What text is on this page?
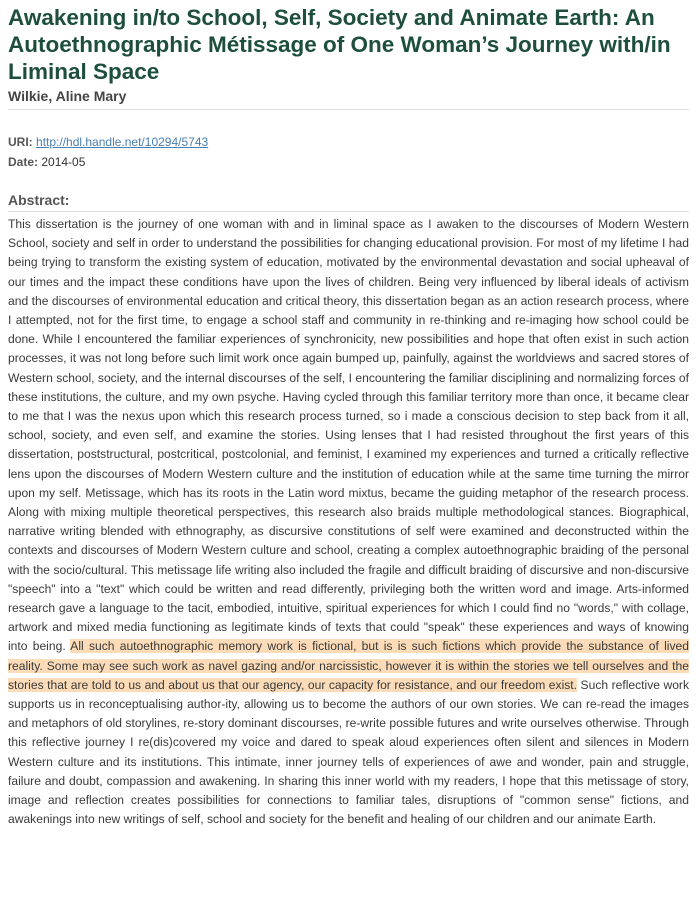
Awakening in/to School, Self, Society and Animate Earth: An Autoethnographic Métissage of One Woman’s Journey with/in Liminal Space
Wilkie, Aline Mary
URI: http://hdl.handle.net/10294/5743
Date: 2014-05
Abstract:
This dissertation is the journey of one woman with and in liminal space as I awaken to the discourses of Modern Western School, society and self in order to understand the possibilities for changing educational provision. For most of my lifetime I had being trying to transform the existing system of education, motivated by the environmental devastation and social upheaval of our times and the impact these conditions have upon the lives of children. Being very influenced by liberal ideals of activism and the discourses of environmental education and critical theory, this dissertation began as an action research process, where I attempted, not for the first time, to engage a school staff and community in re-thinking and re-imaging how school could be done. While I encountered the familiar experiences of synchronicity, new possibilities and hope that often exist in such action processes, it was not long before such limit work once again bumped up, painfully, against the worldviews and sacred stores of Western school, society, and the internal discourses of the self, I encountering the familiar disciplining and normalizing forces of these institutions, the culture, and my own psyche. Having cycled through this familiar territory more than once, it became clear to me that I was the nexus upon which this research process turned, so i made a conscious decision to step back from it all, school, society, and even self, and examine the stories. Using lenses that I had resisted throughout the first years of this dissertation, poststructural, postcritical, postcolonial, and feminist, I examined my experiences and turned a critically reflective lens upon the discourses of Modern Western culture and the institution of education while at the same time turning the mirror upon my self. Metissage, which has its roots in the Latin word mixtus, became the guiding metaphor of the research process. Along with mixing multiple theoretical perspectives, this research also braids multiple methodological stances. Biographical, narrative writing blended with ethnography, as discursive constitutions of self were examined and deconstructed within the contexts and discourses of Modern Western culture and school, creating a complex autoethnographic braiding of the personal with the socio/cultural. This metissage life writing also included the fragile and difficult braiding of discursive and non-discursive "speech" into a "text" which could be written and read differently, privileging both the written word and image. Arts-informed research gave a language to the tacit, embodied, intuitive, spiritual experiences for which I could find no "words," with collage, artwork and mixed media functioning as legitimate kinds of texts that could "speak" these experiences and ways of knowing into being. All such autoethnographic memory work is fictional, but is is such fictions which provide the substance of lived reality. Some may see such work as navel gazing and/or narcissistic, however it is within the stories we tell ourselves and the stories that are told to us and about us that our agency, our capacity for resistance, and our freedom exist. Such reflective work supports us in reconceptualising author-ity, allowing us to become the authors of our own stories. We can re-read the images and metaphors of old storylines, re-story dominant discourses, re-write possible futures and write ourselves otherwise. Through this reflective journey I re(dis)covered my voice and dared to speak aloud experiences often silent and silences in Modern Western culture and its institutions. This intimate, inner journey tells of experiences of awe and wonder, pain and struggle, failure and doubt, compassion and awakening. In sharing this inner world with my readers, I hope that this metissage of story, image and reflection creates possibilities for connections to familiar tales, disruptions of "common sense" fictions, and awakenings into new writings of self, school and society for the benefit and healing of our children and our animate Earth.
